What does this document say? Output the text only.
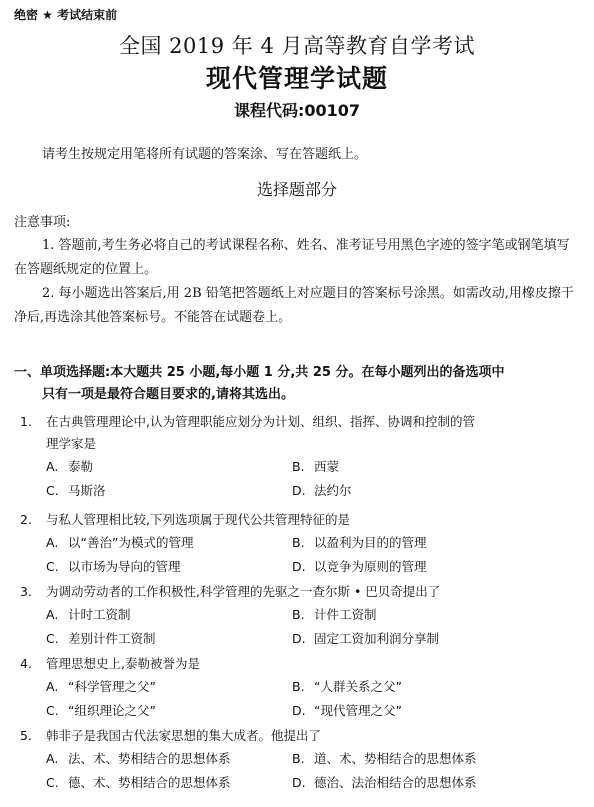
绝密 ★ 考试结束前
全国 2019 年 4 月高等教育自学考试
现代管理学试题
课程代码:00107
请考生按规定用笔将所有试题的答案涂、写在答题纸上。
选择题部分
注意事项:
1. 答题前,考生务必将自己的考试课程名称、姓名、准考证号用黑色字迹的签字笔或钢笔填写在答题纸规定的位置上。
2. 每小题选出答案后,用 2B 铅笔把答题纸上对应题目的答案标号涂黑。如需改动,用橡皮擦干净后,再选涂其他答案标号。不能答在试题卷上。
一、单项选择题:本大题共 25 小题,每小题 1 分,共 25 分。在每小题列出的备选项中
只有一项是最符合题目要求的,请将其选出。
1. 在古典管理理论中,认为管理职能应划分为计划、组织、指挥、协调和控制的管
理学家是
A. 泰勒	B. 西蒙
C. 马斯洛	D. 法约尔
2. 与私人管理相比较,下列选项属于现代公共管理特征的是
A. 以“善治”为模式的管理	B. 以盈利为目的的管理
C. 以市场为导向的管理	D. 以竞争为原则的管理
3. 为调动劳动者的工作积极性,科学管理的先驱之一查尔斯 • 巴贝奇提出了
A. 计时工资制	B. 计件工资制
C. 差别计件工资制	D. 固定工资加利润分享制
4. 管理思想史上,泰勒被誉为是
A. “科学管理之父”	B. “人群关系之父”
C. “组织理论之父”	D. “现代管理之父”
5. 韩非子是我国古代法家思想的集大成者。他提出了
A. 法、术、势相结合的思想体系	B. 道、术、势相结合的思想体系
C. 德、术、势相结合的思想体系	D. 德治、法治相结合的思想体系
